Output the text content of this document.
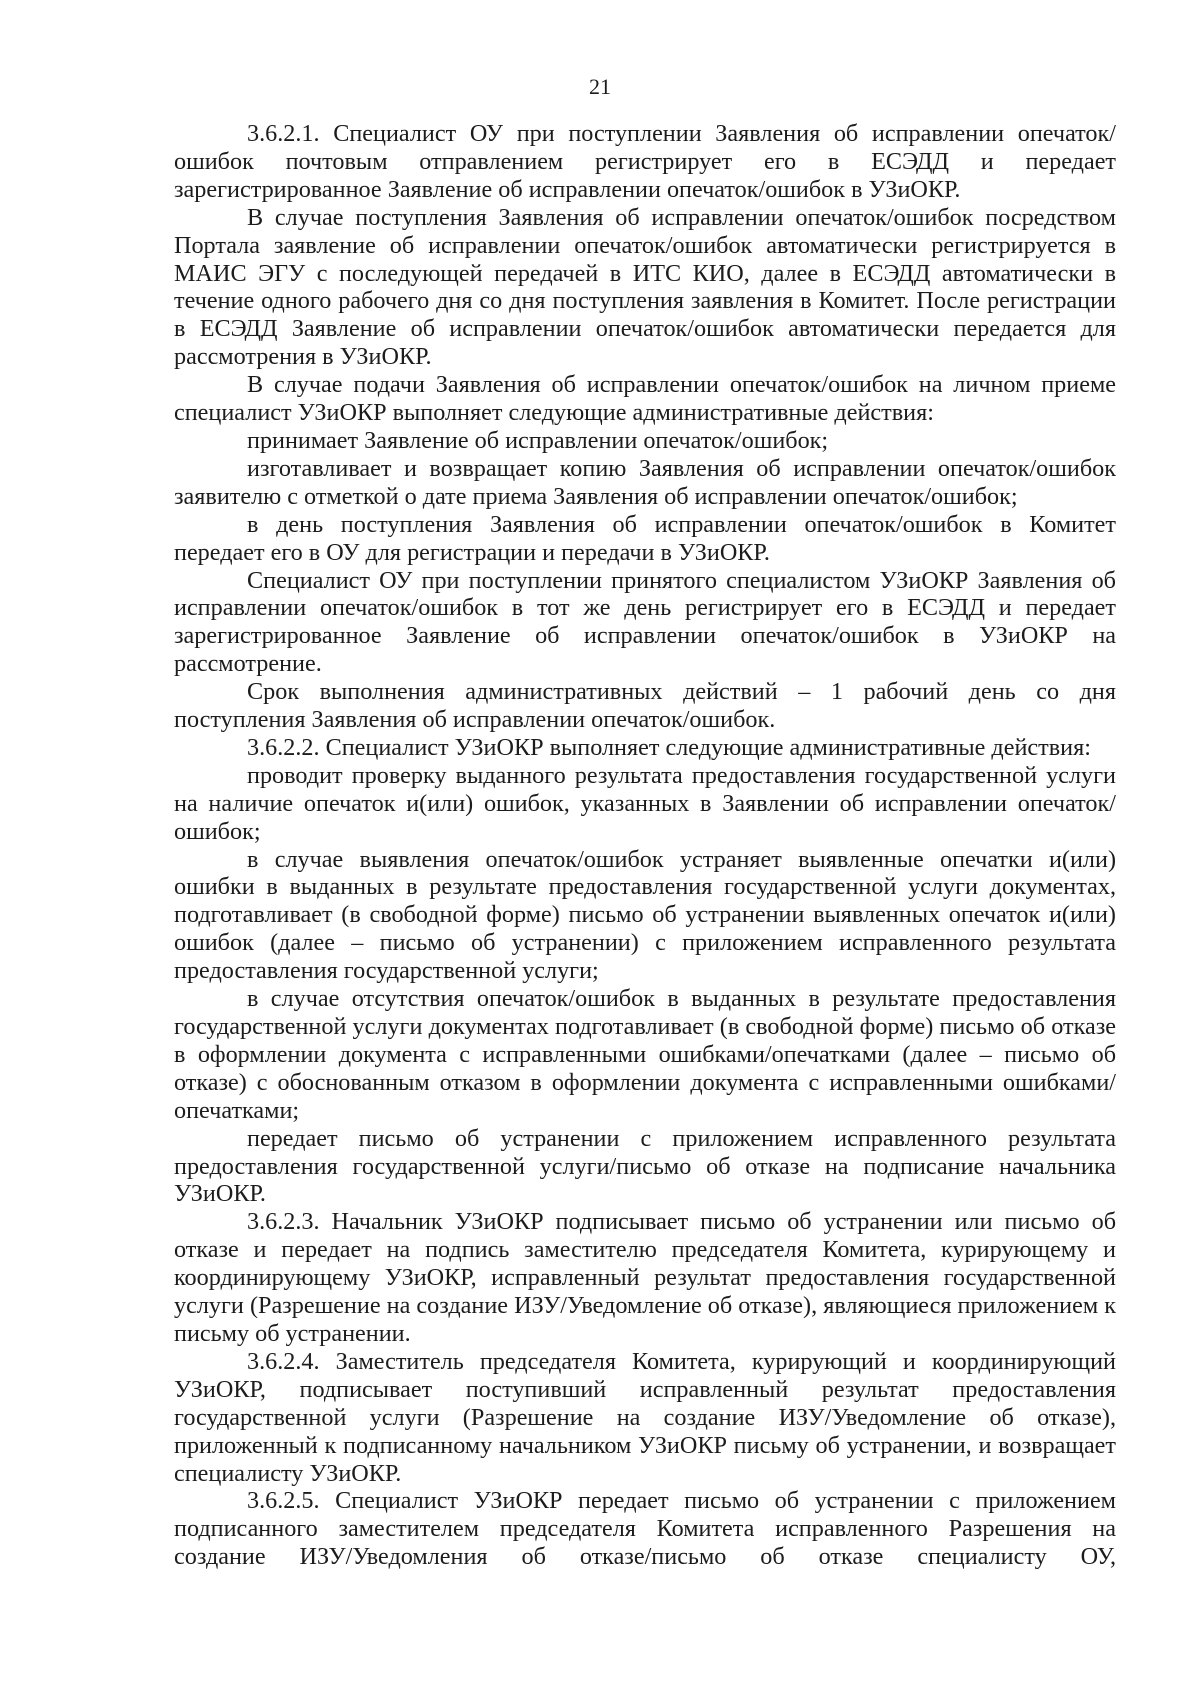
21

3.6.2.1. Специалист ОУ при поступлении Заявления об исправлении опечаток/ошибок почтовым отправлением регистрирует его в ЕСЭДД и передает зарегистрированное Заявление об исправлении опечаток/ошибок в УЗиОКР.

В случае поступления Заявления об исправлении опечаток/ошибок посредством Портала заявление об исправлении опечаток/ошибок автоматически регистрируется в МАИС ЭГУ с последующей передачей в ИТС КИО, далее в ЕСЭДД автоматически в течение одного рабочего дня со дня поступления заявления в Комитет. После регистрации в ЕСЭДД Заявление об исправлении опечаток/ошибок автоматически передается для рассмотрения в УЗиОКР.

В случае подачи Заявления об исправлении опечаток/ошибок на личном приеме специалист УЗиОКР выполняет следующие административные действия:

принимает Заявление об исправлении опечаток/ошибок;

изготавливает и возвращает копию Заявления об исправлении опечаток/ошибок заявителю с отметкой о дате приема Заявления об исправлении опечаток/ошибок;

в день поступления Заявления об исправлении опечаток/ошибок в Комитет передает его в ОУ для регистрации и передачи в УЗиОКР.

Специалист ОУ при поступлении принятого специалистом УЗиОКР Заявления об исправлении опечаток/ошибок в тот же день регистрирует его в ЕСЭДД и передает зарегистрированное Заявление об исправлении опечаток/ошибок в УЗиОКР на рассмотрение.

Срок выполнения административных действий – 1 рабочий день со дня поступления Заявления об исправлении опечаток/ошибок.

3.6.2.2. Специалист УЗиОКР выполняет следующие административные действия:

проводит проверку выданного результата предоставления государственной услуги на наличие опечаток и(или) ошибок, указанных в Заявлении об исправлении опечаток/ошибок;

в случае выявления опечаток/ошибок устраняет выявленные опечатки и(или) ошибки в выданных в результате предоставления государственной услуги документах, подготавливает (в свободной форме) письмо об устранении выявленных опечаток и(или) ошибок (далее – письмо об устранении) с приложением исправленного результата предоставления государственной услуги;

в случае отсутствия опечаток/ошибок в выданных в результате предоставления государственной услуги документах подготавливает (в свободной форме) письмо об отказе в оформлении документа с исправленными ошибками/опечатками (далее – письмо об отказе) с обоснованным отказом в оформлении документа с исправленными ошибками/опечатками;

передает письмо об устранении с приложением исправленного результата предоставления государственной услуги/письмо об отказе на подписание начальника УЗиОКР.

3.6.2.3. Начальник УЗиОКР подписывает письмо об устранении или письмо об отказе и передает на подпись заместителю председателя Комитета, курирующему и координирующему УЗиОКР, исправленный результат предоставления государственной услуги (Разрешение на создание ИЗУ/Уведомление об отказе), являющиеся приложением к письму об устранении.

3.6.2.4. Заместитель председателя Комитета, курирующий и координирующий УЗиОКР, подписывает поступивший исправленный результат предоставления государственной услуги (Разрешение на создание ИЗУ/Уведомление об отказе), приложенный к подписанному начальником УЗиОКР письму об устранении, и возвращает специалисту УЗиОКР.

3.6.2.5. Специалист УЗиОКР передает письмо об устранении с приложением подписанного заместителем председателя Комитета исправленного Разрешения на создание ИЗУ/Уведомления об отказе/письмо об отказе специалисту ОУ,
